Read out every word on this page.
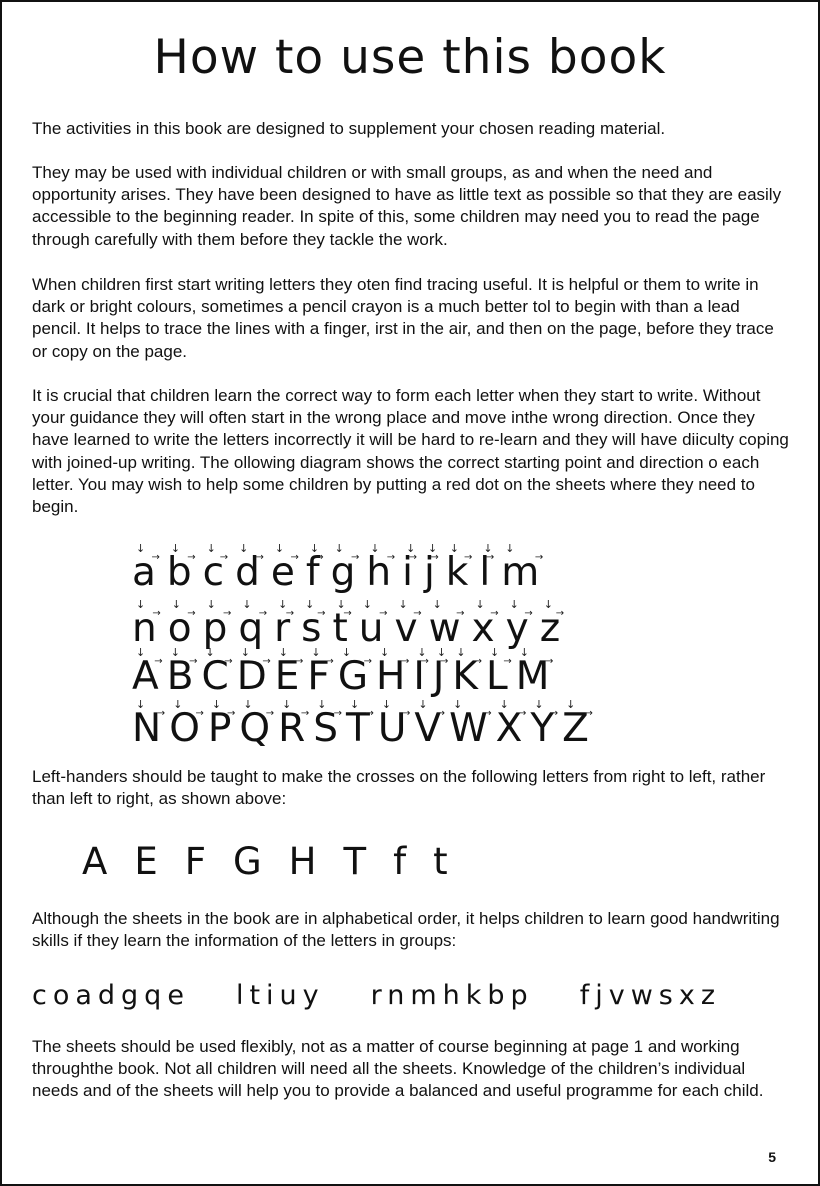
How to use this book

The activities in this book are designed to supplement your chosen reading material.

They may be used with individual children or with small groups, as and when the need and opportunity arises. They have been designed to have as little text as possible so that they are easily accessible to the beginning reader. In spite of this, some children may need you to read the page through carefully with them before they tackle the work.

When children first start writing letters they oten find tracing useful. It is helpful or them to write in dark or bright colours, sometimes a pencil crayon is a much better tol to begin with than a lead pencil. It helps to trace the lines with a finger, irst in the air, and then on the page, before they trace or copy on the page.

It is crucial that children learn the correct way to form each letter when they start to write. Without your guidance they will often start in the wrong place and move inthe wrong direction. Once they have learned to write the letters incorrectly it will be hard to re-learn and they will have diiculty coping with joined-up writing. The ollowing diagram shows the correct starting point and direction o each letter. You may wish to help some children by putting a red dot on the sheets where they need to begin.

↓ a → ↓ b → ↓ c → ↓ d → ↓ e → ↓ f → ↓ g → ↓ h → ↓ i → ↓ j → ↓ k → ↓ l → ↓ m →
↓ n → ↓ o → ↓ p → ↓ q → ↓ r → ↓ s → ↓ t → ↓ u → ↓ v → ↓ w → ↓ x → ↓ y → ↓ z →
↓ A → ↓ B → ↓ C → ↓ D → ↓ E → ↓ F → ↓ G → ↓ H → ↓ I → ↓ J → ↓ K → ↓ L → ↓ M →
↓ N → ↓ O → ↓ P → ↓ Q → ↓ R → ↓ S → ↓ T → ↓ U → ↓ V → ↓ W → ↓ X → ↓ Y → ↓ Z →

Left-handers should be taught to make the crosses on the following letters from right to left, rather than left to right, as shown above:

A E F G H T f t

Although the sheets in the book are in alphabetical order, it helps children to learn good handwriting skills if they learn the information of the letters in groups:

coadgqe ltiuy rnmhkbp fjvwsxz

The sheets should be used flexibly, not as a matter of course beginning at page 1 and working throughthe book. Not all children will need all the sheets. Knowledge of the children’s individual needs and of the sheets will help you to provide a balanced and useful programme for each child.

5
